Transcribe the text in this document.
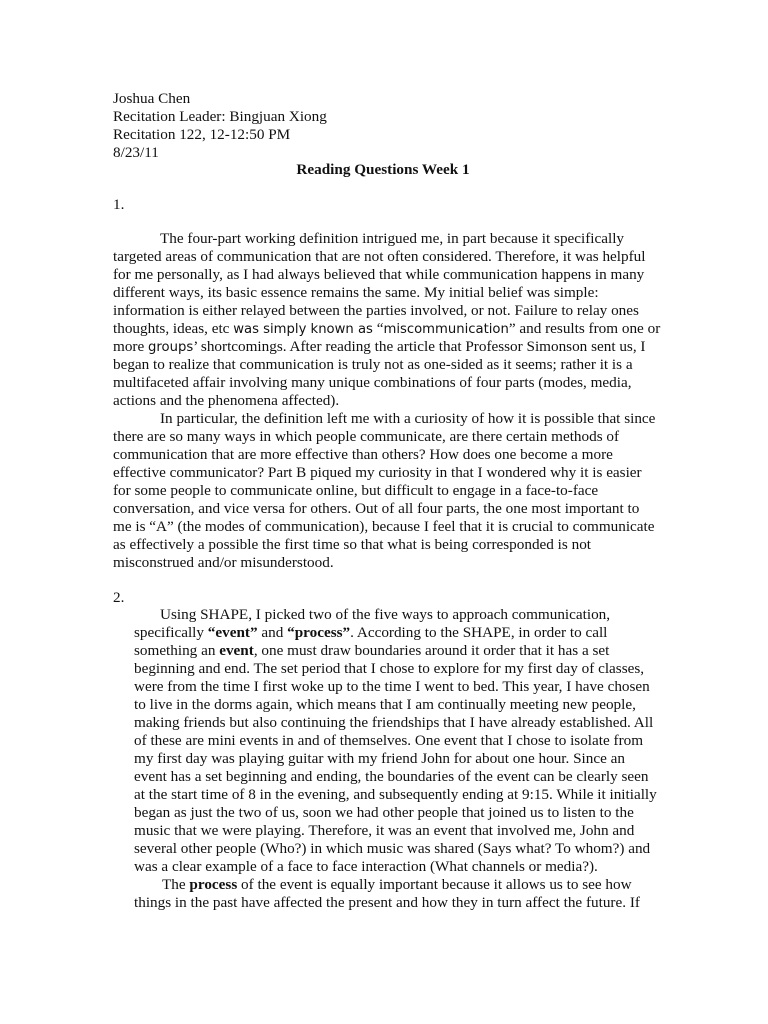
Joshua Chen
Recitation Leader: Bingjuan Xiong
Recitation 122, 12-12:50 PM
8/23/11
Reading Questions Week 1
1.
The four-part working definition intrigued me, in part because it specifically
targeted areas of communication that are not often considered. Therefore, it was helpful
for me personally, as I had always believed that while communication happens in many
different ways, its basic essence remains the same. My initial belief was simple:
information is either relayed between the parties involved, or not. Failure to relay ones
thoughts, ideas, etc was simply known as “miscommunication” and results from one or
more groups’ shortcomings. After reading the article that Professor Simonson sent us, I
began to realize that communication is truly not as one-sided as it seems; rather it is a
multifaceted affair involving many unique combinations of four parts (modes, media,
actions and the phenomena affected).
In particular, the definition left me with a curiosity of how it is possible that since
there are so many ways in which people communicate, are there certain methods of
communication that are more effective than others? How does one become a more
effective communicator? Part B piqued my curiosity in that I wondered why it is easier
for some people to communicate online, but difficult to engage in a face-to-face
conversation, and vice versa for others. Out of all four parts, the one most important to
me is “A” (the modes of communication), because I feel that it is crucial to communicate
as effectively a possible the first time so that what is being corresponded is not
misconstrued and/or misunderstood.
2.
Using SHAPE, I picked two of the five ways to approach communication,
specifically “event” and “process”. According to the SHAPE, in order to call
something an event, one must draw boundaries around it order that it has a set
beginning and end. The set period that I chose to explore for my first day of classes,
were from the time I first woke up to the time I went to bed. This year, I have chosen
to live in the dorms again, which means that I am continually meeting new people,
making friends but also continuing the friendships that I have already established. All
of these are mini events in and of themselves. One event that I chose to isolate from
my first day was playing guitar with my friend John for about one hour. Since an
event has a set beginning and ending, the boundaries of the event can be clearly seen
at the start time of 8 in the evening, and subsequently ending at 9:15. While it initially
began as just the two of us, soon we had other people that joined us to listen to the
music that we were playing. Therefore, it was an event that involved me, John and
several other people (Who?) in which music was shared (Says what? To whom?) and
was a clear example of a face to face interaction (What channels or media?).
The process of the event is equally important because it allows us to see how
things in the past have affected the present and how they in turn affect the future. If
